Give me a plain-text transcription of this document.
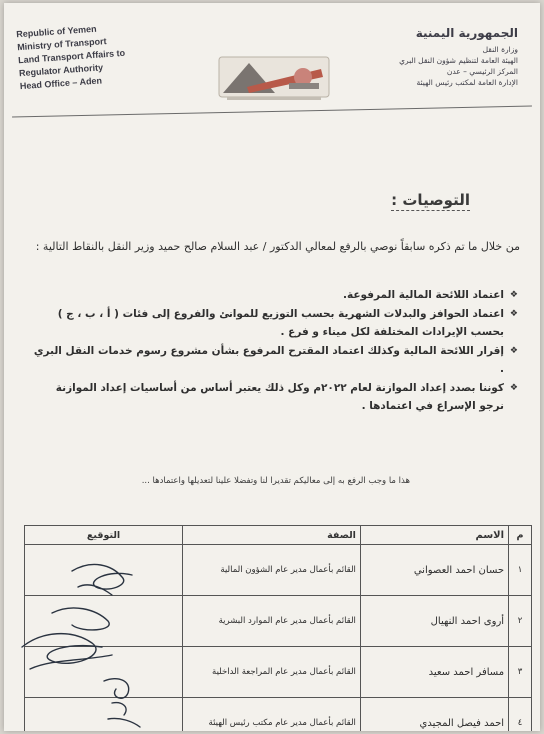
Republic of Yemen
Ministry of Transport
Land Transport Affairs to
Regulator Authority
Head Office – Aden
الجمهورية اليمنية
وزارة النقل
الهيئة العامة لتنظيم شؤون النقل البري
المركز الرئيسي – عدن
الإدارة العامة لمكتب رئيس الهيئة
التوصيات :
من خلال ما تم ذكره سابقاً نوصي بالرفع لمعالي الدكتور / عبد السلام صالح حميد وزير النقل بالنقاط التالية :
❖ اعتماد اللائحة المالية المرفوعة.
❖ اعتماد الحوافز والبدلات الشهرية بحسب التوزيع للموانئ والفروع إلى فئات ( أ ، ب ، ج ) بحسب الإيرادات المختلفة لكل ميناء و فرع .
❖ إقرار اللائحة المالية وكذلك اعتماد المقترح المرفوع بشأن مشروع رسوم خدمات النقل البري .
❖ كوننا بصدد إعداد الموازنة لعام ٢٠٢٢م وكل ذلك يعتبر أساس من أساسيات إعداد الموازنة نرجو الإسراع في اعتمادها .
هذا ما وجب الرفع به إلى معاليكم تقديرا لنا وتفضلا علينا لتعديلها واعتمادها ...
م	الاسم	الصفة	التوقيع
١	حسان احمد العصواني	القائم بأعمال مدير عام الشؤون المالية	
٢	أروى احمد النهيال	القائم بأعمال مدير عام الموارد البشرية	
٣	مسافر احمد سعيد	القائم بأعمال مدير عام المراجعة الداخلية	
٤	احمد فيصل المجيدي	القائم بأعمال مدير عام مكتب رئيس الهيئة	
